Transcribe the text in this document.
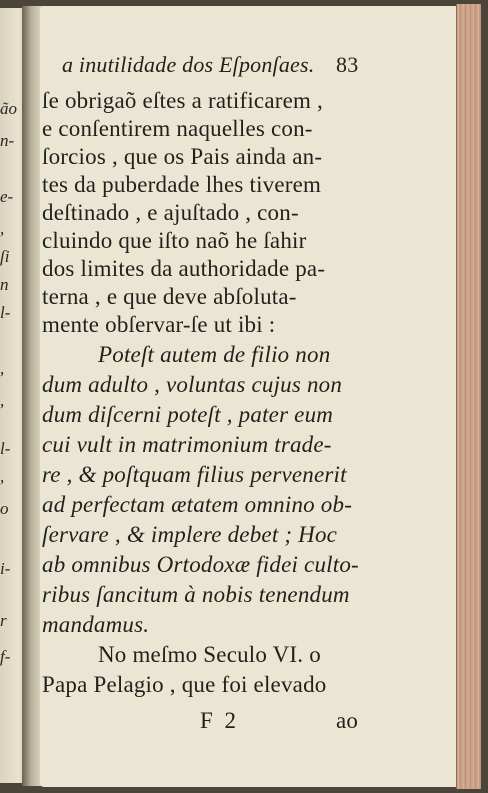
ão
n-
e-
,
ſi
n
l-
,
,
l-
,
o
i-
r
f-
a inutilidade dos Eſponſaes. 83
ſe obrigaõ eſtes a ratificarem ,
e conſentirem naquelles con-
ſorcios , que os Pais ainda an-
tes da puberdade lhes tiverem
deſtinado , e ajuſtado , con-
cluindo que iſto naõ he ſahir
dos limites da authoridade pa-
terna , e que deve abſoluta-
mente obſervar-ſe ut ibi :
Poteſt autem de filio non
dum adulto , voluntas cujus non
dum diſcerni poteſt , pater eum
cui vult in matrimonium trade-
re , & poſtquam filius pervenerit
ad perfectam ætatem omnino ob-
ſervare , & implere debet ; Hoc
ab omnibus Ortodoxæ fidei culto-
ribus ſancitum à nobis tenendum
mandamus.
No meſmo Seculo VI. o
Papa Pelagio , que foi elevado
F 2	ao
